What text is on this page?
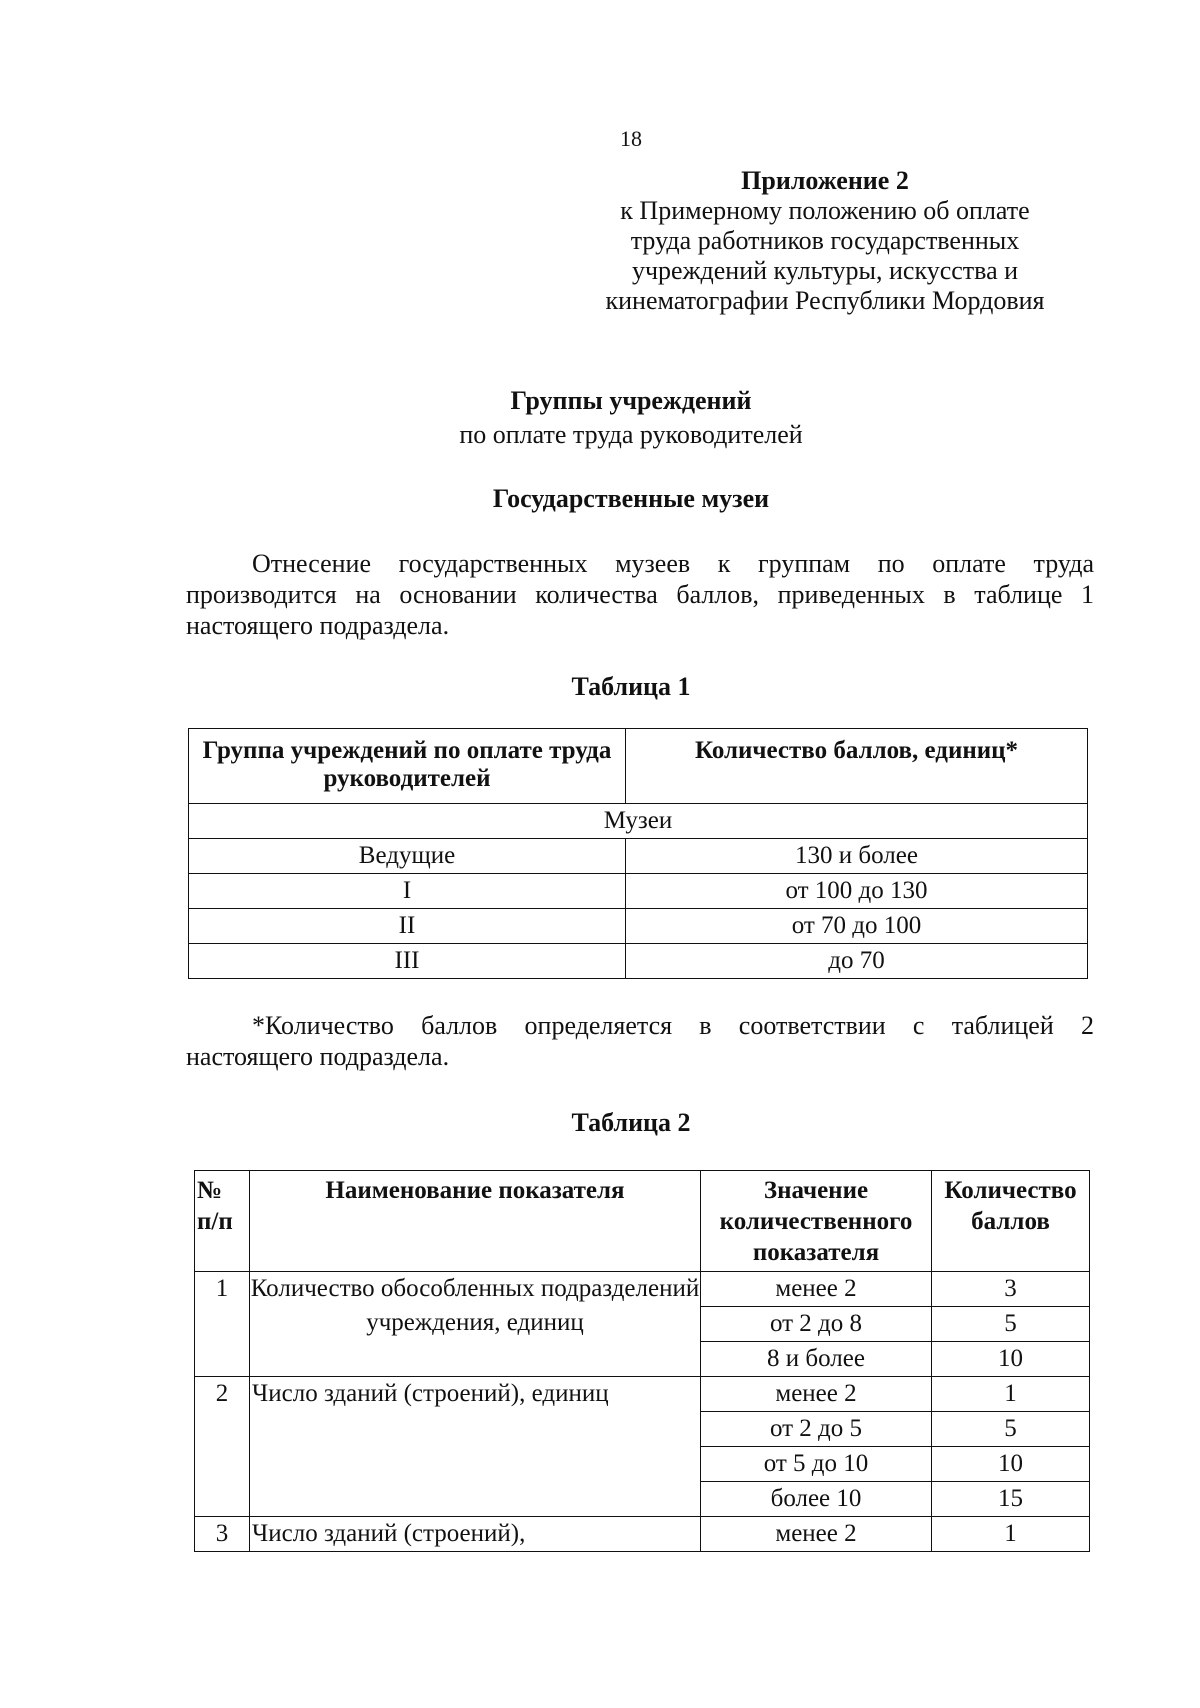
18
Приложение 2
к Примерному положению об оплате
труда работников государственных
учреждений культуры, искусства и
кинематографии Республики Мордовия
Группы учреждений
по оплате труда руководителей
Государственные музеи
Отнесение государственных музеев к группам по оплате труда
производится на основании количества баллов, приведенных в таблице 1
настоящего подраздела.
Таблица 1
Группа учреждений по оплате труда руководителей	Количество баллов, единиц*
Музеи	
Ведущие	130 и более
I	от 100 до 130
II	от 70 до 100
III	до 70
*Количество баллов определяется в соответствии с таблицей 2
настоящего подраздела.
Таблица 2
№ п/п	Наименование показателя	Значение количественного показателя	Количество баллов
1	Количество обособленных подразделений учреждения, единиц	менее 2	3
		от 2 до 8	5
		8 и более	10
2	Число зданий (строений), единиц	менее 2	1
		от 2 до 5	5
		от 5 до 10	10
		более 10	15
3	Число зданий (строений),	менее 2	1
